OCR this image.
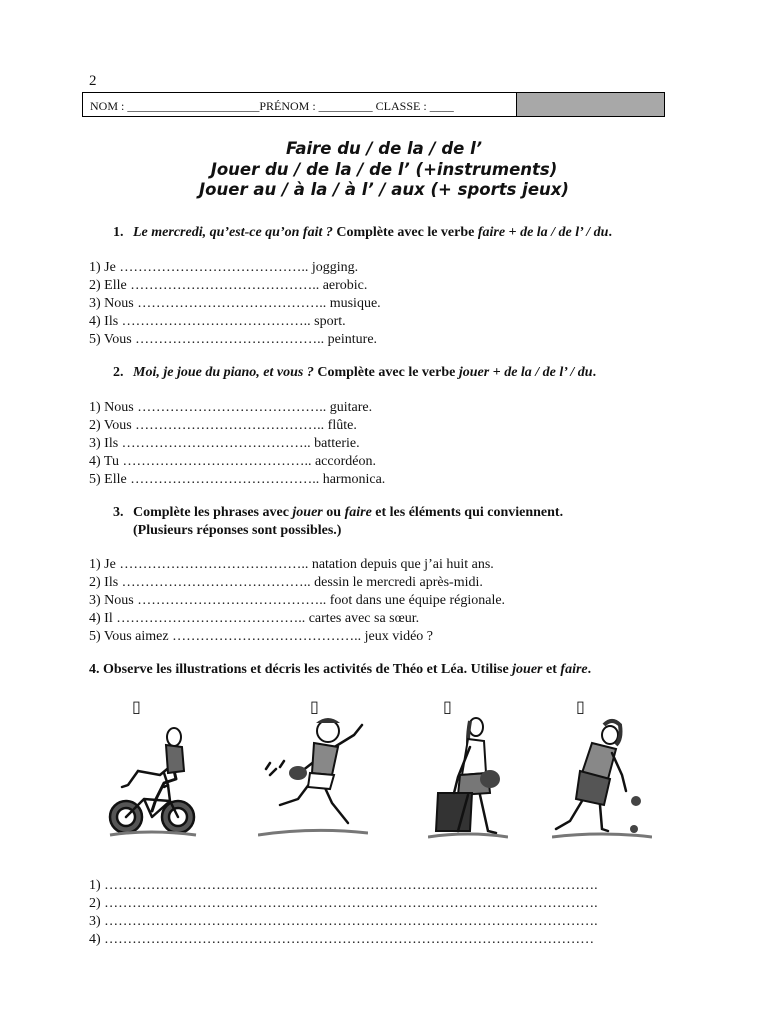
2
NOM : ______________________PRÉNOM : _________ CLASSE : ____
Faire du / de la / de l’
Jouer du / de la / de l’ (+instruments)
Jouer au / à la / à l’ / aux (+ sports jeux)
1. Le mercredi, qu’est-ce qu’on fait ? Complète avec le verbe faire + de la / de l’ / du.
1) Je ………………………………….. jogging.
2) Elle ………………………………….. aerobic.
3) Nous ………………………………….. musique.
4) Ils ………………………………….. sport.
5) Vous ………………………………….. peinture.
2. Moi, je joue du piano, et vous ? Complète avec le verbe jouer + de la / de l’ / du.
1) Nous ………………………………….. guitare.
2) Vous ………………………………….. flûte.
3) Ils ………………………………….. batterie.
4) Tu ………………………………….. accordéon.
5) Elle ………………………………….. harmonica.
3. Complète les phrases avec jouer ou faire et les éléments qui conviennent.
(Plusieurs réponses sont possibles.)
1) Je ………………………………….. natation depuis que j’ai huit ans.
2) Ils ………………………………….. dessin le mercredi après-midi.
3) Nous ………………………………….. foot dans une équipe régionale.
4) Il ………………………………….. cartes avec sa sœur.
5) Vous aimez ………………………………….. jeux vidéo ?
4. Observe les illustrations et décris les activités de Théo et Léa. Utilise jouer et faire.
▯	▯	▯	▯
1) …………………………………………………………………………………………….
2) …………………………………………………………………………………………….
3) …………………………………………………………………………………………….
4) ……………………………………………………………………………………………
